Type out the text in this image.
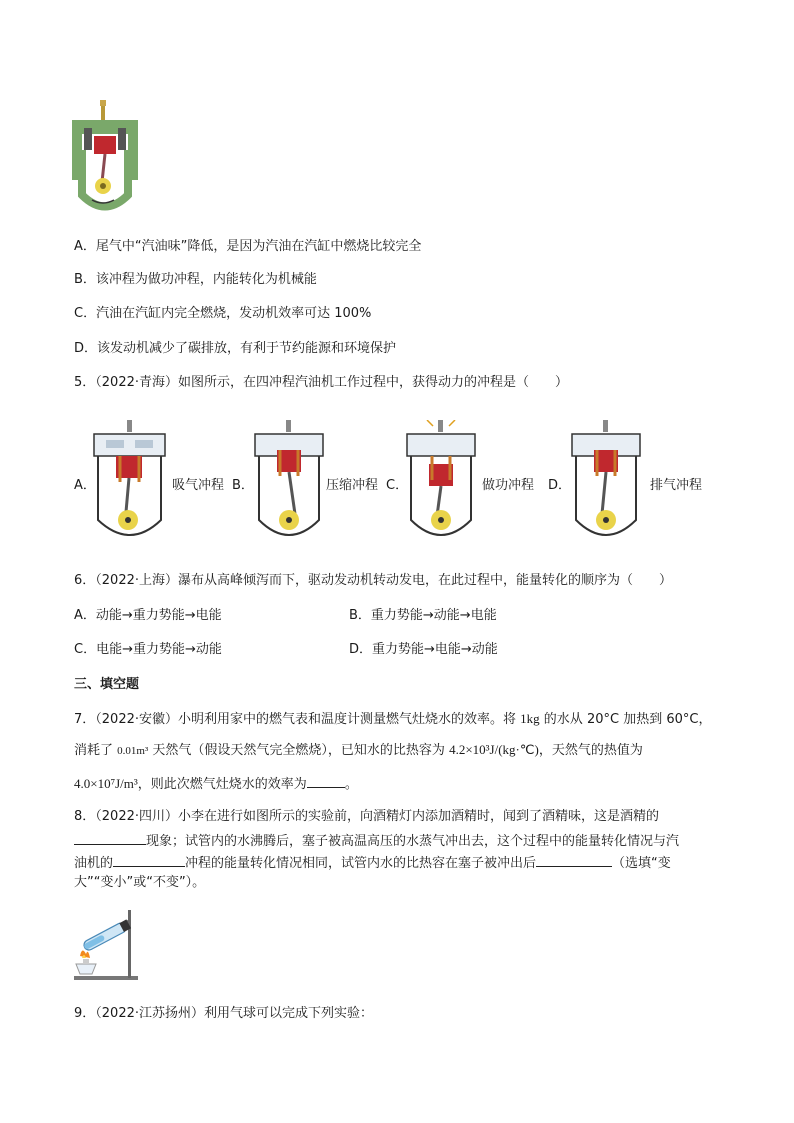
A．尾气中“汽油味”降低，是因为汽油在汽缸中燃烧比较完全
B．该冲程为做功冲程，内能转化为机械能
C．汽油在汽缸内完全燃烧，发动机效率可达 100%
D．该发动机减少了碳排放，有利于节约能源和环境保护
5．（2022·青海）如图所示，在四冲程汽油机工作过程中，获得动力的冲程是（　　）
A．	吸气冲程 B．	压缩冲程 C．	做功冲程 D．	排气冲程
6．（2022·上海）瀑布从高峰倾泻而下，驱动发动机转动发电，在此过程中，能量转化的顺序为（　　）
A．动能→重力势能→电能	B．重力势能→动能→电能
C．电能→重力势能→动能	D．重力势能→电能→动能
三、填空题
7．（2022·安徽）小明利用家中的燃气表和温度计测量燃气灶烧水的效率。将 1kg 的水从 20°C 加热到 60°C，
消耗了 0.01m³ 天然气（假设天然气完全燃烧），已知水的比热容为 4.2×10³J/(kg·℃)，天然气的热值为
4.0×10⁷J/m³，则此次燃气灶烧水的效率为	。
8．（2022·四川）小李在进行如图所示的实验前，向酒精灯内添加酒精时，闻到了酒精味，这是酒精的
现象；试管内的水沸腾后，塞子被高温高压的水蒸气冲出去，这个过程中的能量转化情况与汽
油机的	冲程的能量转化情况相同，试管内水的比热容在塞子被冲出后	（选填“变
大”“变小”或“不变”）。
9．（2022·江苏扬州）利用气球可以完成下列实验：
